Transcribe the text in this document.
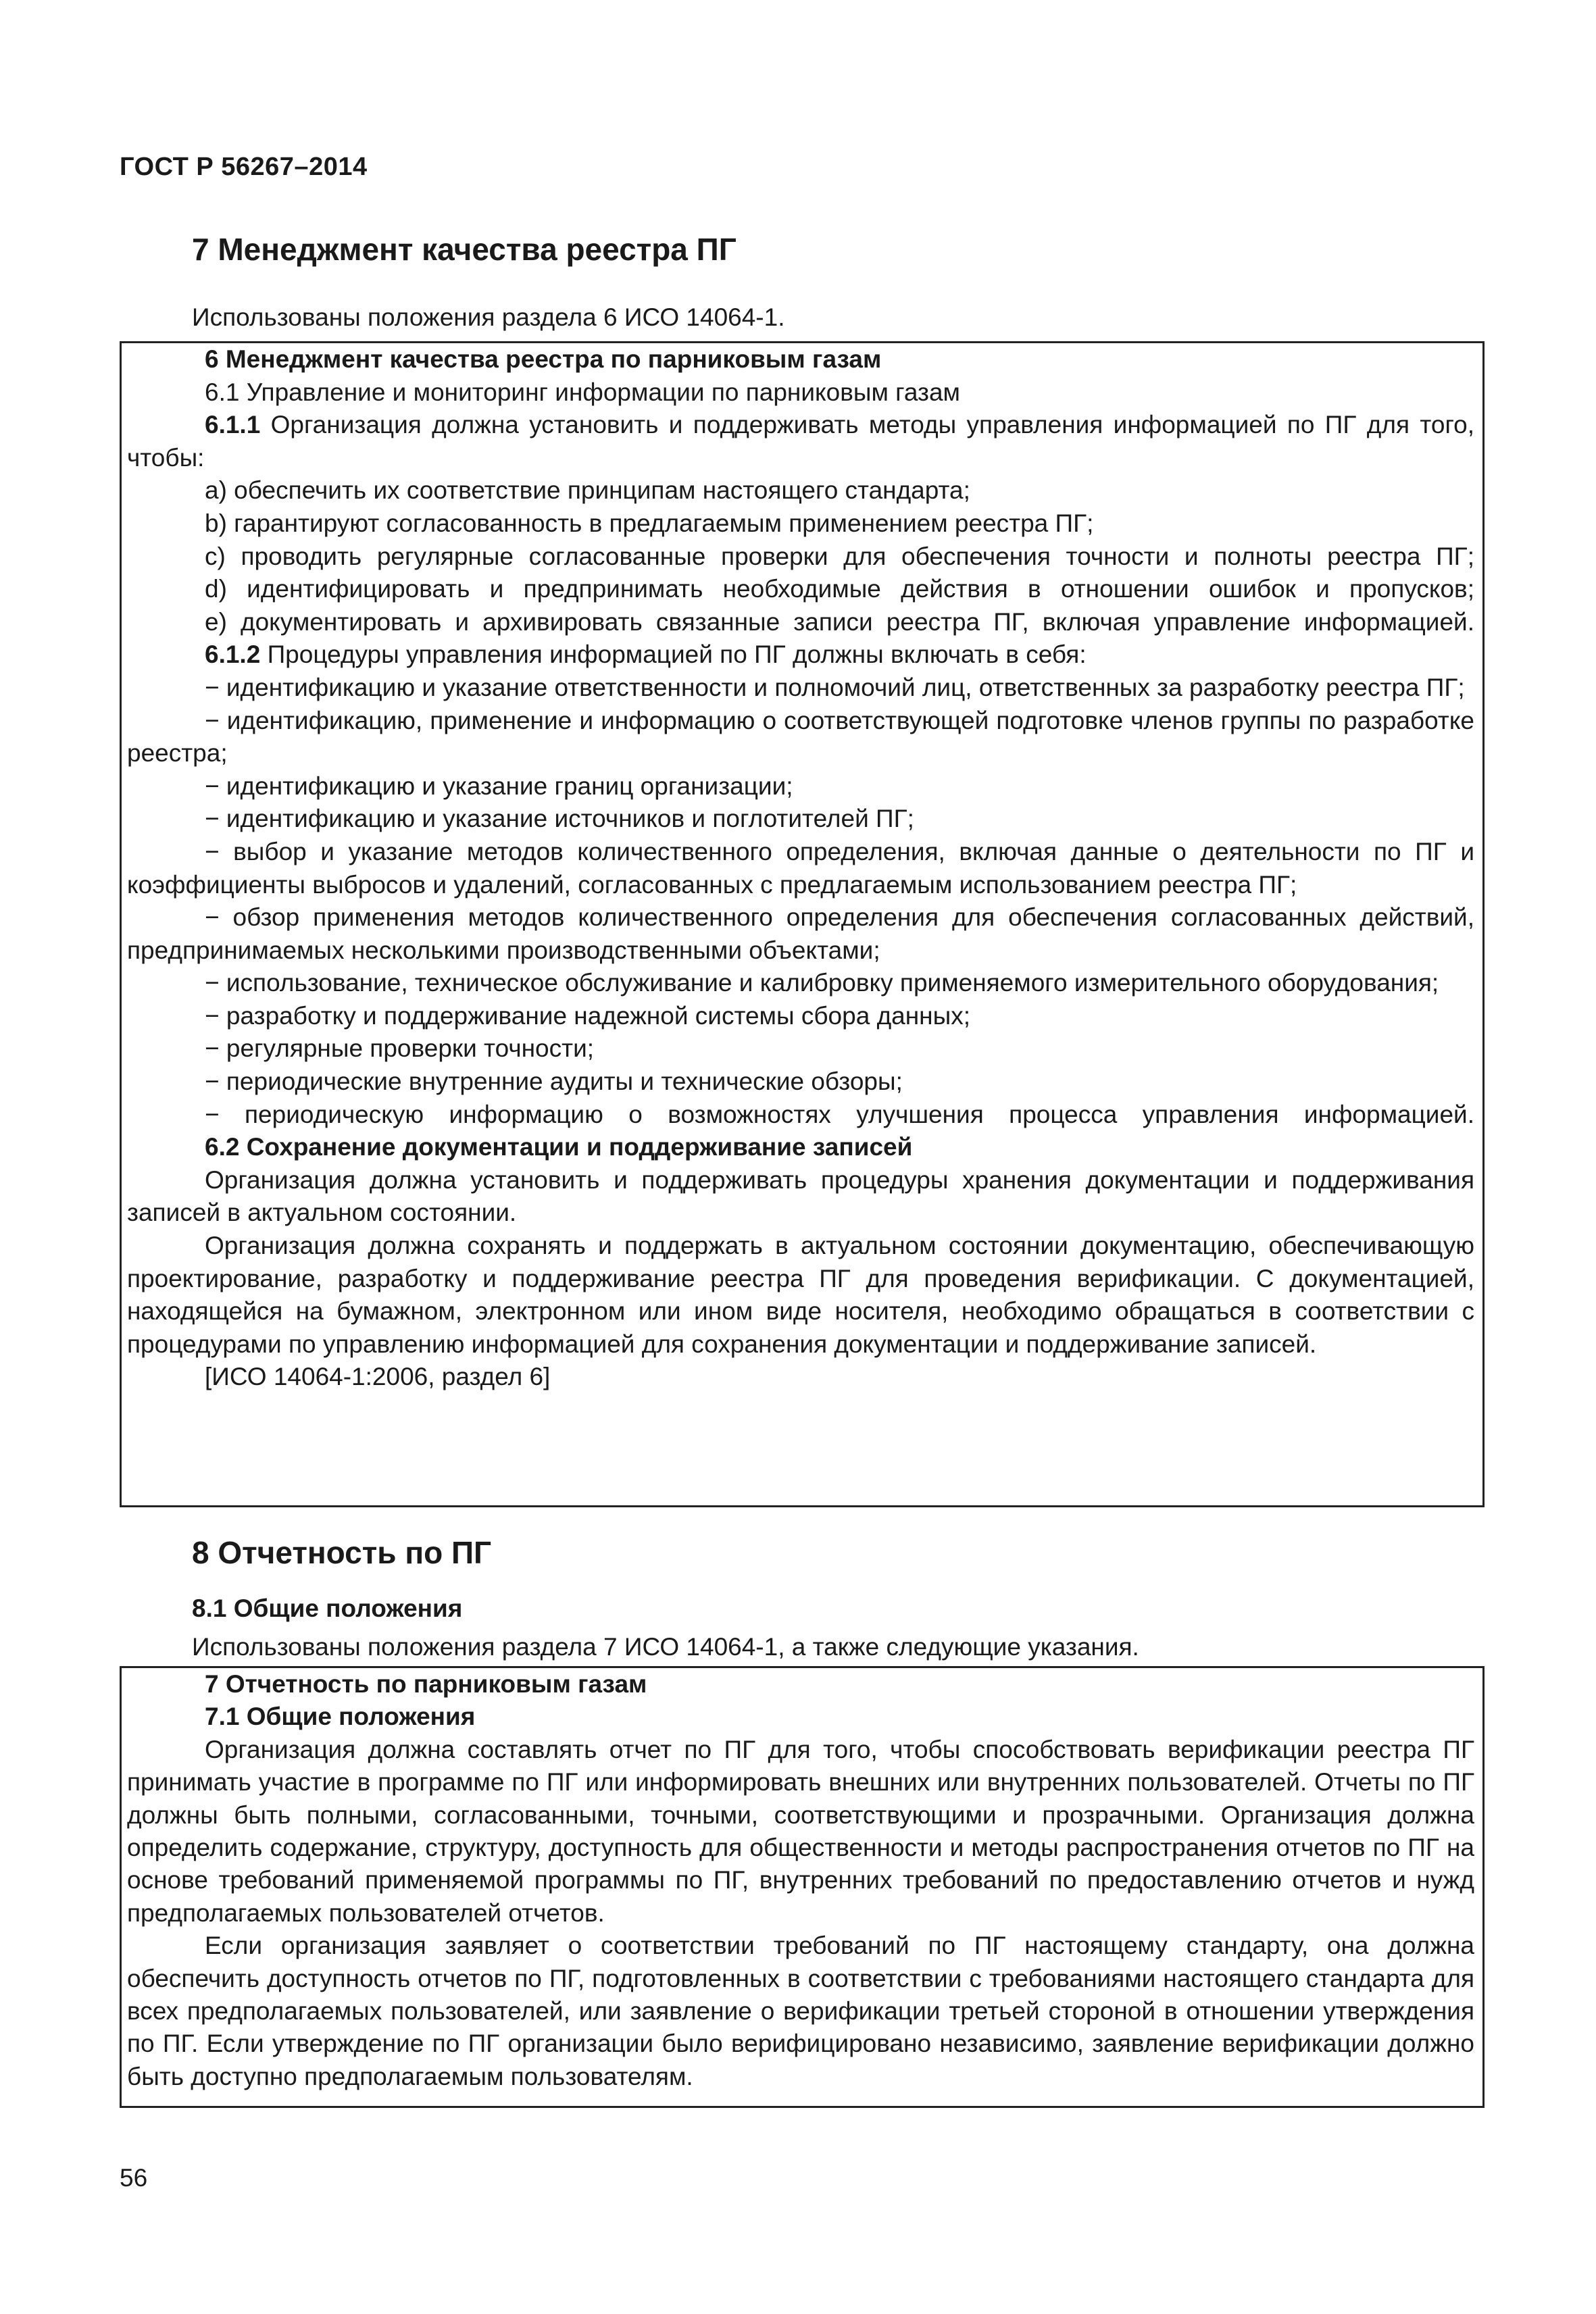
ГОСТ Р 56267–2014
7 Менеджмент качества реестра ПГ
Использованы положения раздела 6 ИСО 14064-1.

6 Менеджмент качества реестра по парниковым газам

6.1 Управление и мониторинг информации по парниковым газам

6.1.1 Организация должна установить и поддерживать методы управления информацией по ПГ для того, чтобы:

a) обеспечить их соответствие принципам настоящего стандарта;

b) гарантируют согласованность в предлагаемым применением реестра ПГ;

c) проводить регулярные согласованные проверки для обеспечения точности и полноты реестра ПГ;

d) идентифицировать и предпринимать необходимые действия в отношении ошибок и пропусков;

e) документировать и архивировать связанные записи реестра ПГ, включая управление информацией.

6.1.2 Процедуры управления информацией по ПГ должны включать в себя:

− идентификацию и указание ответственности и полномочий лиц, ответственных за разработку реестра ПГ;

− идентификацию, применение и информацию о соответствующей подготовке членов группы по разработке реестра;

− идентификацию и указание границ организации;

− идентификацию и указание источников и поглотителей ПГ;

− выбор и указание методов количественного определения, включая данные о деятельности по ПГ и коэффициенты выбросов и удалений, согласованных с предлагаемым использованием реестра ПГ;

− обзор применения методов количественного определения для обеспечения согласованных действий, предпринимаемых несколькими производственными объектами;

− использование, техническое обслуживание и калибровку применяемого измерительного оборудования;

− разработку и поддерживание надежной системы сбора данных;

− регулярные проверки точности;

− периодические внутренние аудиты и технические обзоры;

− периодическую информацию о возможностях улучшения процесса управления информацией.

6.2 Сохранение документации и поддерживание записей

Организация должна установить и поддерживать процедуры хранения документации и поддерживания записей в актуальном состоянии.

Организация должна сохранять и поддержать в актуальном состоянии документацию, обеспечивающую проектирование, разработку и поддерживание реестра ПГ для проведения верификации. С документацией, находящейся на бумажном, электронном или ином виде носителя, необходимо обращаться в соответствии с процедурами по управлению информацией для сохранения документации и поддерживание записей.

[ИСО 14064-1:2006, раздел 6]

8 Отчетность по ПГ
8.1 Общие положения
Использованы положения раздела 7 ИСО 14064-1, а также следующие указания.

7 Отчетность по парниковым газам

7.1 Общие положения

Организация должна составлять отчет по ПГ для того, чтобы способствовать верификации реестра ПГ принимать участие в программе по ПГ или информировать внешних или внутренних пользователей. Отчеты по ПГ должны быть полными, согласованными, точными, соответствующими и прозрачными. Организация должна определить содержание, структуру, доступность для общественности и методы распространения отчетов по ПГ на основе требований применяемой программы по ПГ, внутренних требований по предоставлению отчетов и нужд предполагаемых пользователей отчетов.

Если организация заявляет о соответствии требований по ПГ настоящему стандарту, она должна обеспечить доступность отчетов по ПГ, подготовленных в соответствии с требованиями настоящего стандарта для всех предполагаемых пользователей, или заявление о верификации третьей стороной в отношении утверждения по ПГ. Если утверждение по ПГ организации было верифицировано независимо, заявление верификации должно быть доступно предполагаемым пользователям.

56
